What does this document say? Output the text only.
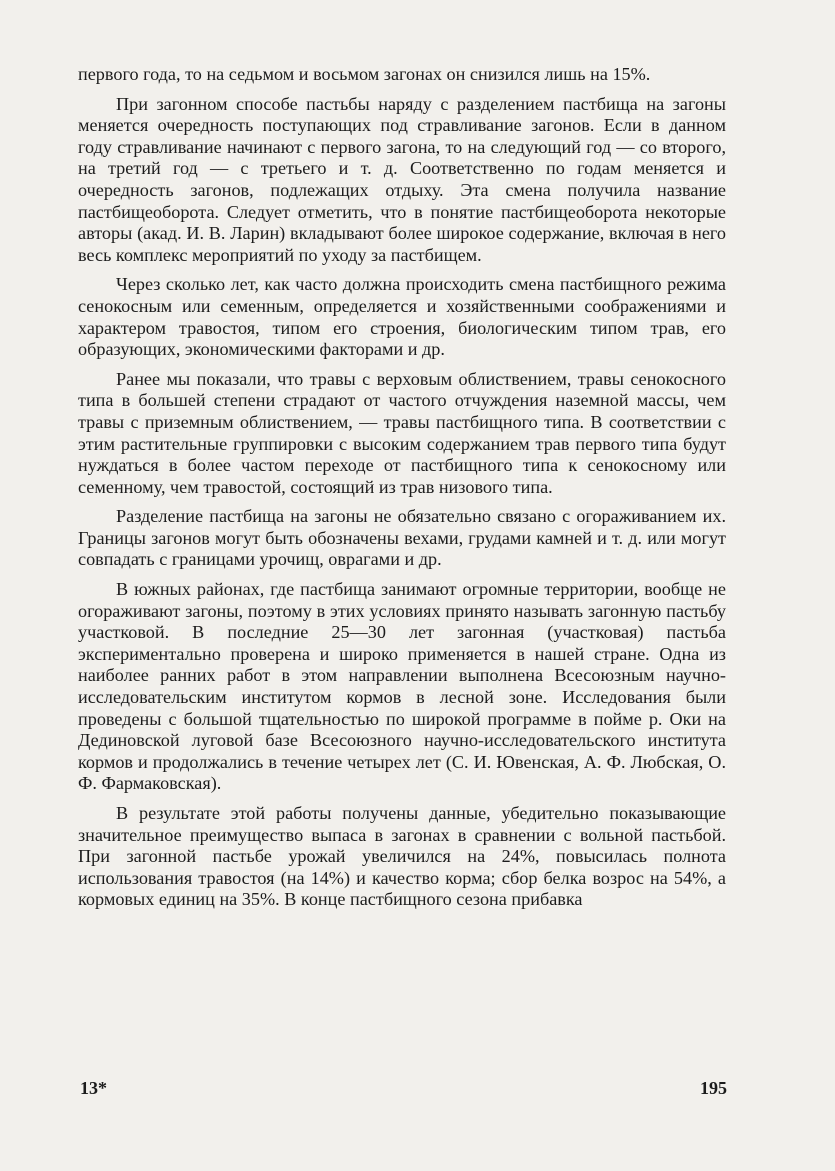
первого года, то на седьмом и восьмом загонах он снизился лишь на 15%.

При загонном способе пастьбы наряду с разделением пастбища на загоны меняется очередность поступающих под стравливание загонов. Если в данном году стравливание начинают с первого загона, то на следующий год — со второго, на третий год — с третьего и т. д. Соответственно по годам меняется и очередность загонов, подлежащих отдыху. Эта смена получила название пастбищеоборота. Следует отметить, что в понятие пастбищеоборота некоторые авторы (акад. И. В. Ларин) вкладывают более широкое содержание, включая в него весь комплекс мероприятий по уходу за пастбищем.

Через сколько лет, как часто должна происходить смена пастбищного режима сенокосным или семенным, определяется и хозяйственными соображениями и характером травостоя, типом его строения, биологическим типом трав, его образующих, экономическими факторами и др.

Ранее мы показали, что травы с верховым облиствением, травы сенокосного типа в большей степени страдают от частого отчуждения наземной массы, чем травы с приземным облиствением, — травы пастбищного типа. В соответствии с этим растительные группировки с высоким содержанием трав первого типа будут нуждаться в более частом переходе от пастбищного типа к сенокосному или семенному, чем травостой, состоящий из трав низового типа.

Разделение пастбища на загоны не обязательно связано с огораживанием их. Границы загонов могут быть обозначены вехами, грудами камней и т. д. или могут совпадать с границами урочищ, оврагами и др.

В южных районах, где пастбища занимают огромные территории, вообще не огораживают загоны, поэтому в этих условиях принято называть загонную пастьбу участковой. В последние 25—30 лет загонная (участковая) пастьба экспериментально проверена и широко применяется в нашей стране. Одна из наиболее ранних работ в этом направлении выполнена Всесоюзным научно-исследовательским институтом кормов в лесной зоне. Исследования были проведены с большой тщательностью по широкой программе в пойме р. Оки на Дединовской луговой базе Всесоюзного научно-исследовательского института кормов и продолжались в течение четырех лет (С. И. Ювенская, А. Ф. Любская, О. Ф. Фармаковская).

В результате этой работы получены данные, убедительно показывающие значительное преимущество выпаса в загонах в сравнении с вольной пастьбой. При загонной пастьбе урожай увеличился на 24%, повысилась полнота использования травостоя (на 14%) и качество корма; сбор белка возрос на 54%, а кормовых единиц на 35%. В конце пастбищного сезона прибавка

13*	195
